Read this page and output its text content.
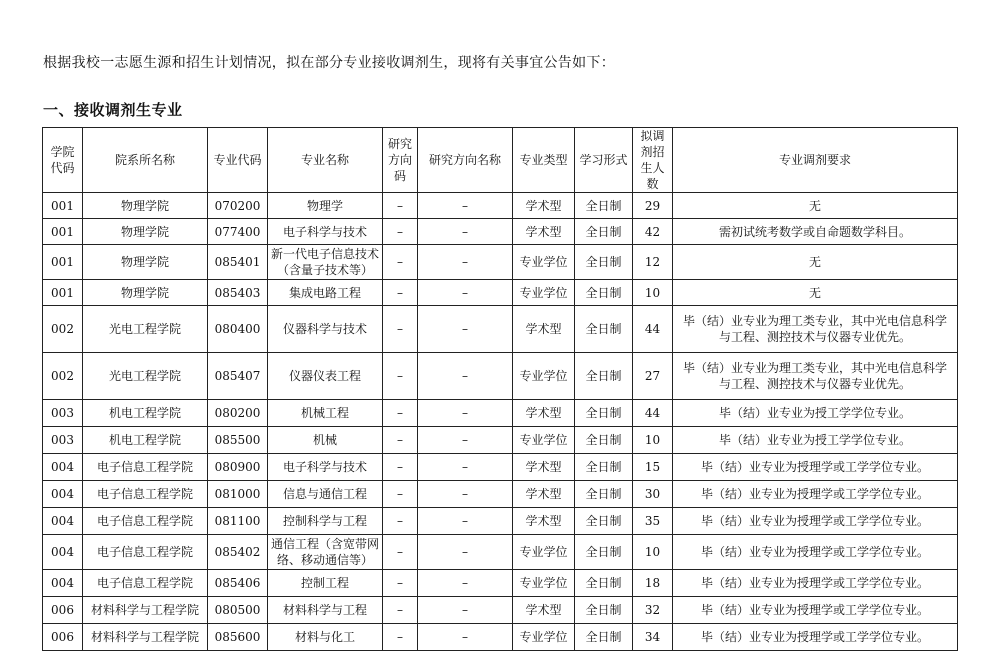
根据我校一志愿生源和招生计划情况，拟在部分专业接收调剂生，现将有关事宜公告如下：
一、接收调剂生专业
学院代码	院系所名称	专业代码	专业名称	研究方向码	研究方向名称	专业类型	学习形式	拟调剂招生人数	专业调剂要求
001	物理学院	070200	物理学	–	–	学术型	全日制	29	无
001	物理学院	077400	电子科学与技术	–	–	学术型	全日制	42	需初试统考数学或自命题数学科目。
001	物理学院	085401	新一代电子信息技术（含量子技术等）	–	–	专业学位	全日制	12	无
001	物理学院	085403	集成电路工程	–	–	专业学位	全日制	10	无
002	光电工程学院	080400	仪器科学与技术	–	–	学术型	全日制	44	毕（结）业专业为理工类专业，其中光电信息科学与工程、测控技术与仪器专业优先。
002	光电工程学院	085407	仪器仪表工程	–	–	专业学位	全日制	27	毕（结）业专业为理工类专业，其中光电信息科学与工程、测控技术与仪器专业优先。
003	机电工程学院	080200	机械工程	–	–	学术型	全日制	44	毕（结）业专业为授工学学位专业。
003	机电工程学院	085500	机械	–	–	专业学位	全日制	10	毕（结）业专业为授工学学位专业。
004	电子信息工程学院	080900	电子科学与技术	–	–	学术型	全日制	15	毕（结）业专业为授理学或工学学位专业。
004	电子信息工程学院	081000	信息与通信工程	–	–	学术型	全日制	30	毕（结）业专业为授理学或工学学位专业。
004	电子信息工程学院	081100	控制科学与工程	–	–	学术型	全日制	35	毕（结）业专业为授理学或工学学位专业。
004	电子信息工程学院	085402	通信工程（含宽带网络、移动通信等）	–	–	专业学位	全日制	10	毕（结）业专业为授理学或工学学位专业。
004	电子信息工程学院	085406	控制工程	–	–	专业学位	全日制	18	毕（结）业专业为授理学或工学学位专业。
006	材料科学与工程学院	080500	材料科学与工程	–	–	学术型	全日制	32	毕（结）业专业为授理学或工学学位专业。
006	材料科学与工程学院	085600	材料与化工	–	–	专业学位	全日制	34	毕（结）业专业为授理学或工学学位专业。
